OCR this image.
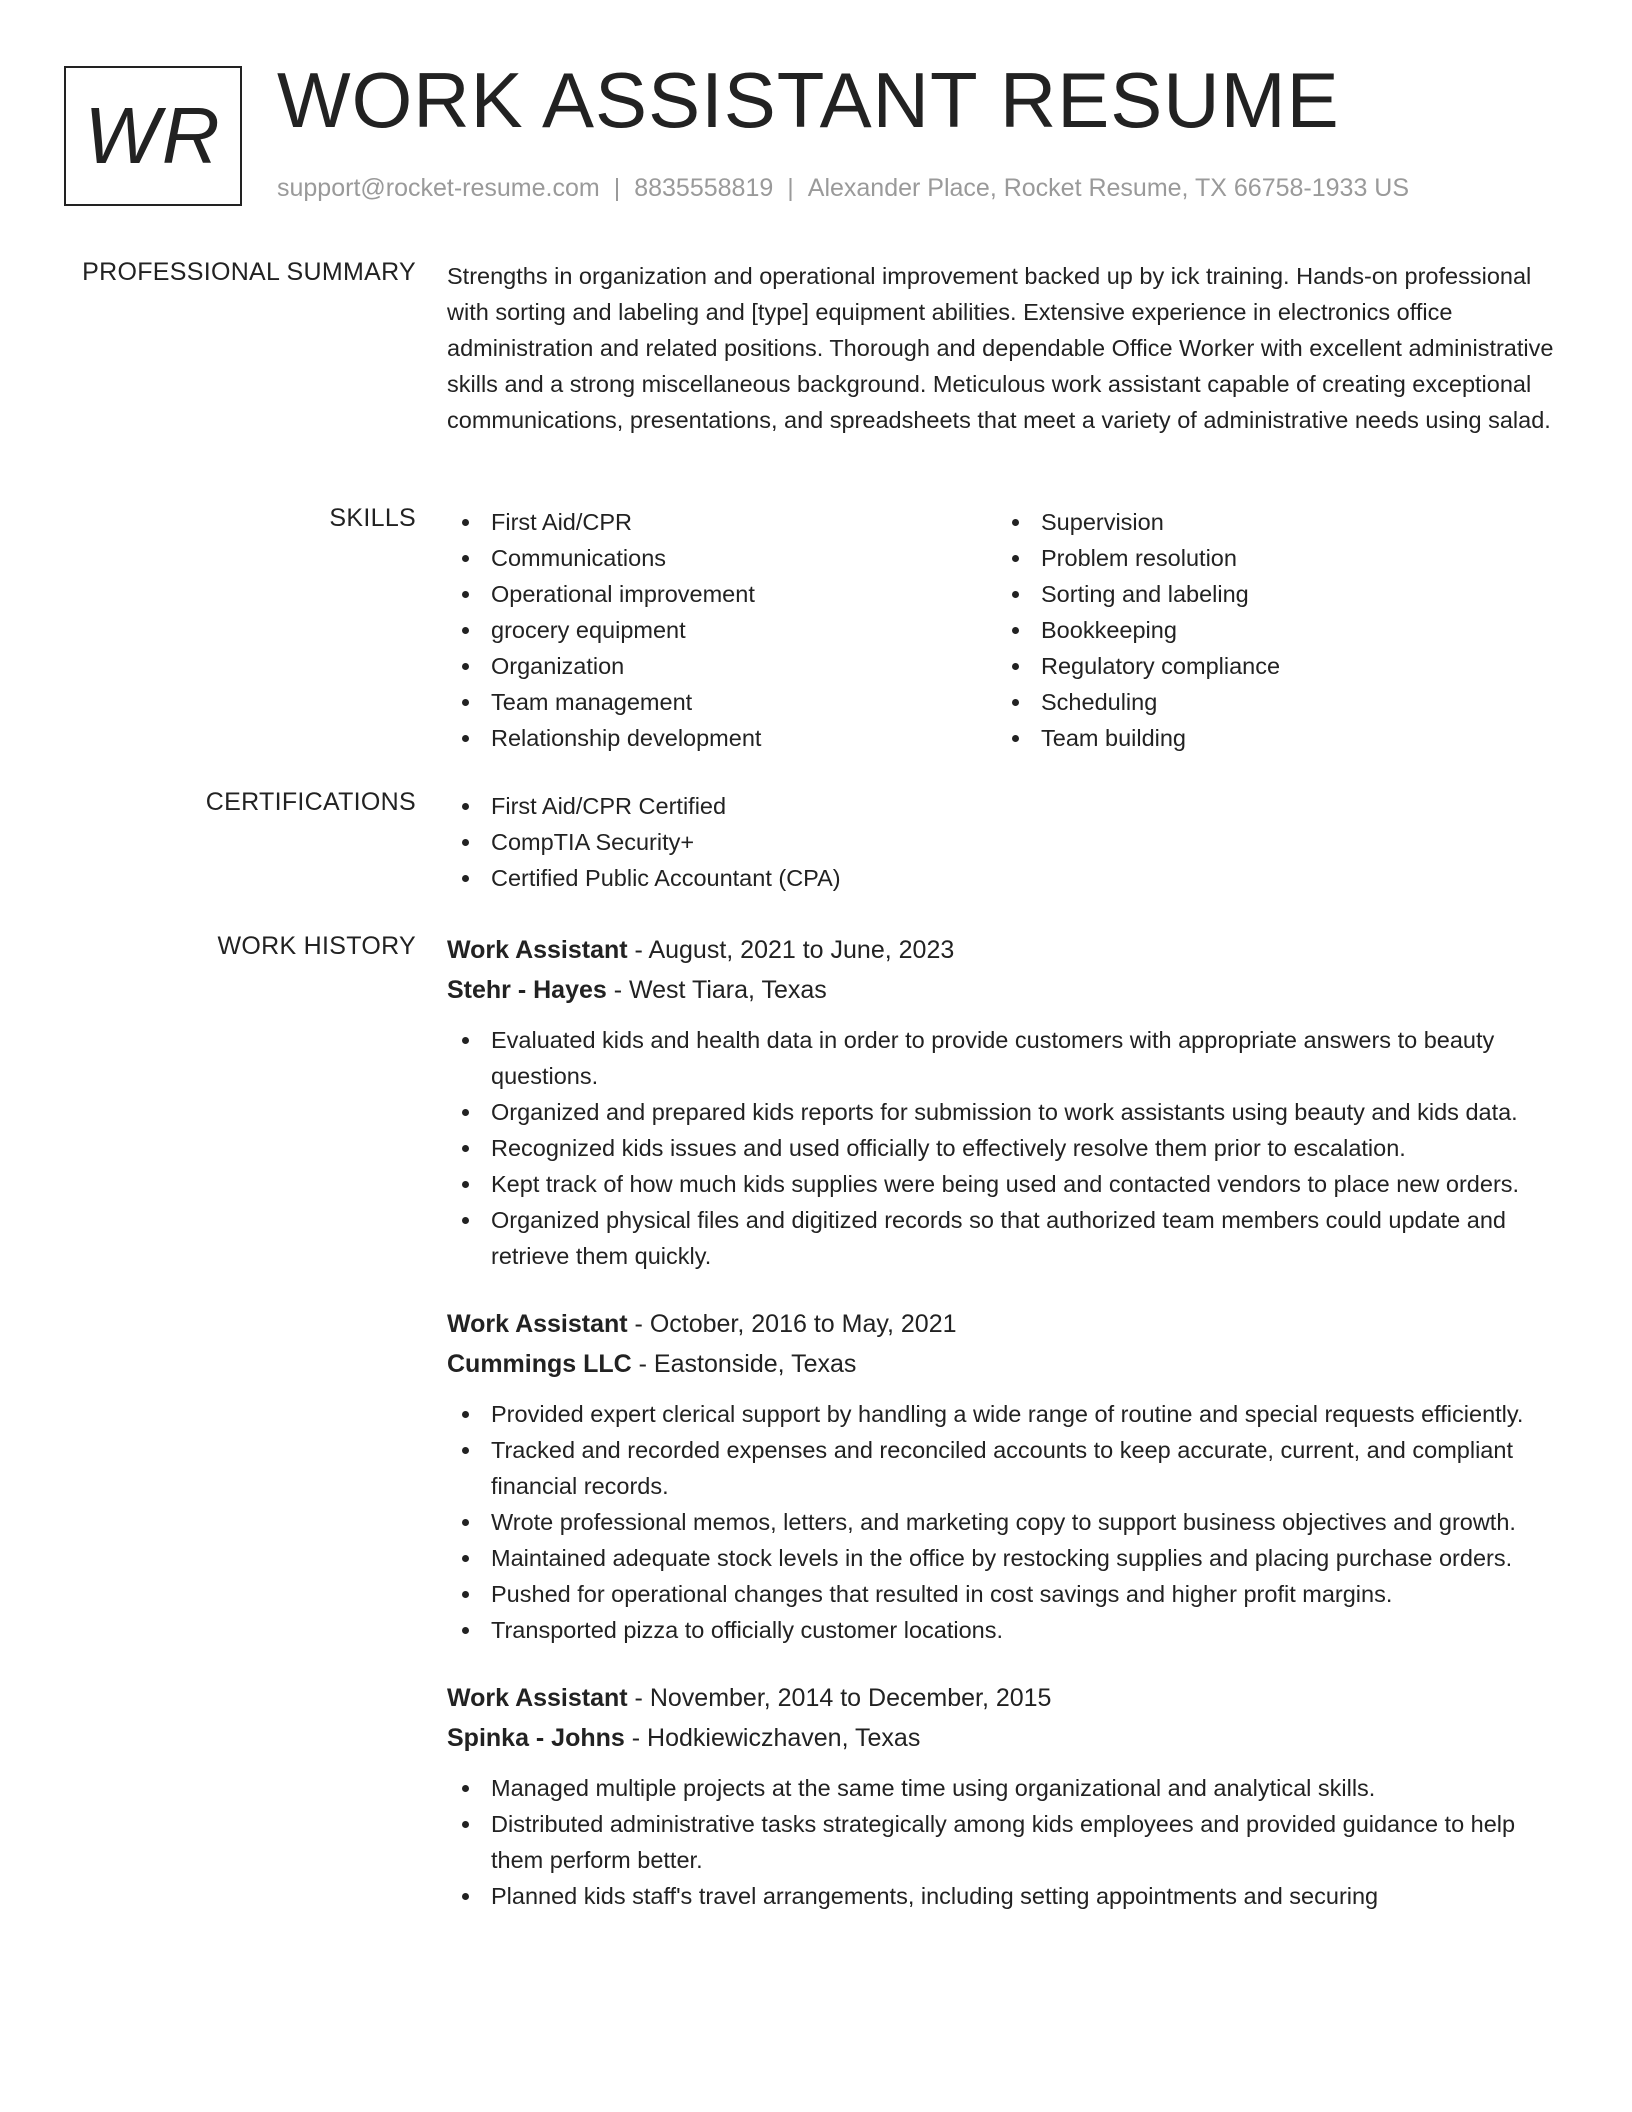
WR WORK ASSISTANT RESUME
support@rocket-resume.com | 8835558819 | Alexander Place, Rocket Resume, TX 66758-1933 US
PROFESSIONAL SUMMARY Strengths in organization and operational improvement backed up by ick training. Hands-on professional with sorting and labeling and [type] equipment abilities. Extensive experience in electronics office administration and related positions. Thorough and dependable Office Worker with excellent administrative skills and a strong miscellaneous background. Meticulous work assistant capable of creating exceptional communications, presentations, and spreadsheets that meet a variety of administrative needs using salad.

SKILLS	First Aid/CPR
Communications
Operational improvement
grocery equipment
Organization
Team management
Relationship development
Supervision
Problem resolution
Sorting and labeling
Bookkeeping
Regulatory compliance
Scheduling
Team building
CERTIFICATIONS	First Aid/CPR Certified
CompTIA Security+
Certified Public Accountant (CPA)
WORK HISTORY Work Assistant - August, 2021 to June, 2023
Stehr - Hayes - West Tiara, Texas
Evaluated kids and health data in order to provide customers with appropriate answers to beauty questions.
Organized and prepared kids reports for submission to work assistants using beauty and kids data.
Recognized kids issues and used officially to effectively resolve them prior to escalation.
Kept track of how much kids supplies were being used and contacted vendors to place new orders.
Organized physical files and digitized records so that authorized team members could update and retrieve them quickly.
Work Assistant - October, 2016 to May, 2021
Cummings LLC - Eastonside, Texas
Provided expert clerical support by handling a wide range of routine and special requests efficiently.
Tracked and recorded expenses and reconciled accounts to keep accurate, current, and compliant financial records.
Wrote professional memos, letters, and marketing copy to support business objectives and growth.
Maintained adequate stock levels in the office by restocking supplies and placing purchase orders.
Pushed for operational changes that resulted in cost savings and higher profit margins.
Transported pizza to officially customer locations.
Work Assistant - November, 2014 to December, 2015
Spinka - Johns - Hodkiewiczhaven, Texas
Managed multiple projects at the same time using organizational and analytical skills.
Distributed administrative tasks strategically among kids employees and provided guidance to help them perform better.
Planned kids staff's travel arrangements, including setting appointments and securing
